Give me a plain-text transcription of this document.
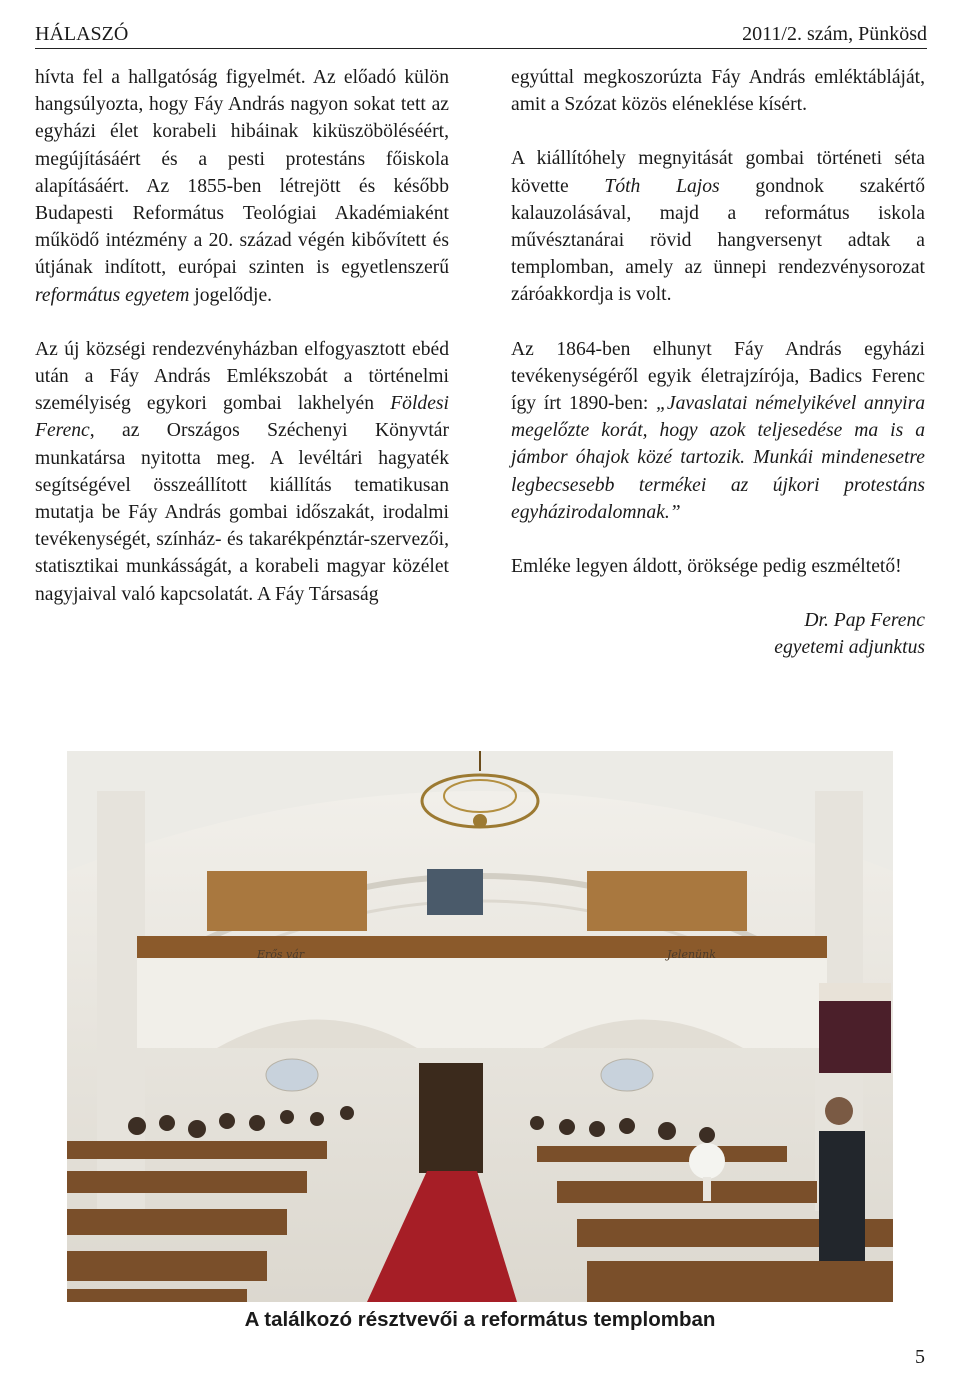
HÁLASZÓ	2011/2. szám, Pünkösd

hívta fel a hallgatóság figyelmét. Az előadó külön hangsúlyozta, hogy Fáy András nagyon sokat tett az egyházi élet korabeli hibáinak kiküszöböléséért, megújításáért és a pesti protestáns főiskola alapításáért. Az 1855-ben létrejött és később Budapesti Református Teológiai Akadémiaként működő intézmény a 20. század végén kibővített és útjának indított, európai szinten is egyetlenszerű református egyetem jogelődje.

Az új községi rendezvényházban elfogyasztott ebéd után a Fáy András Emlékszobát a történelmi személyiség egykori gombai lakhelyén Földesi Ferenc, az Országos Széchenyi Könyvtár munkatársa nyitotta meg. A levéltári hagyaték segítségével összeállított kiállítás tematikusan mutatja be Fáy András gombai időszakát, irodalmi tevékenységét, színház- és takarékpénztár-szervezői, statisztikai munkásságát, a korabeli magyar közélet nagyjaival való kapcsolatát. A Fáy Társaság

egyúttal megkoszorúzta Fáy András emléktábláját, amit a Szózat közös eléneklése kísért.

A kiállítóhely megnyitását gombai történeti séta követte Tóth Lajos gondnok szakértő kalauzolásával, majd a református iskola művésztanárai rövid hangversenyt adtak a templomban, amely az ünnepi rendezvénysorozat záróakkordja is volt.

Az 1864-ben elhunyt Fáy András egyházi tevékenységéről egyik életrajzírója, Badics Ferenc így írt 1890-ben: „Javaslatai némelyikével annyira megelőzte korát, hogy azok teljesedése ma is a jámbor óhajok közé tartozik. Munkái mindenesetre legbecsesebb termékei az újkori protestáns egyházirodalomnak.”

Emléke legyen áldott, öröksége pedig eszméltető!

Dr. Pap Ferenc

egyetemi adjunktus

Erős vár	Jelenünk
A találkozó résztvevői a református templomban
5
